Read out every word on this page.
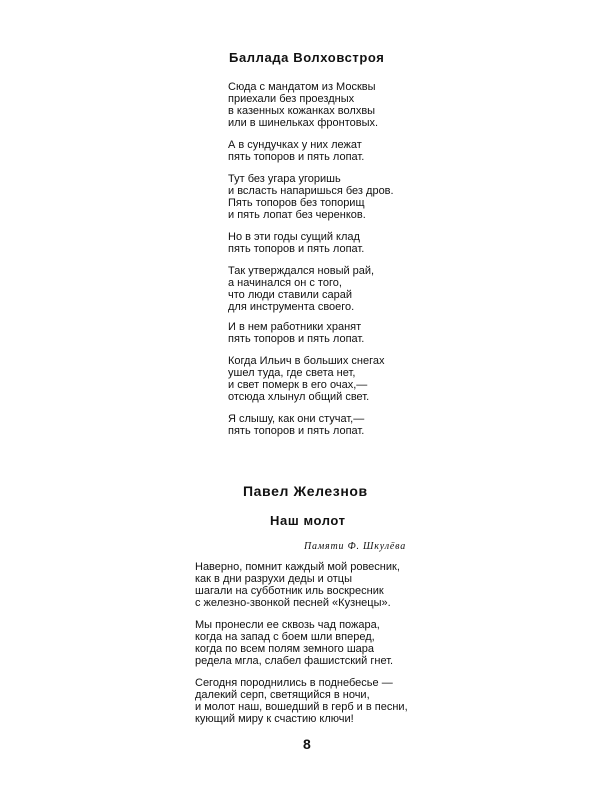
Баллада Волховстроя
Сюда с мандатом из Москвы
приехали без проездных
в казенных кожанках волхвы
или в шинельках фронтовых.
А в сундучках у них лежат
пять топоров и пять лопат.
Тут без угара угоришь
и всласть напаришься без дров.
Пять топоров без топорищ
и пять лопат без черенков.
Но в эти годы сущий клад
пять топоров и пять лопат.
Так утверждался новый рай,
а начинался он с того,
что люди ставили сарай
для инструмента своего.
И в нем работники хранят
пять топоров и пять лопат.
Когда Ильич в больших снегах
ушел туда, где света нет,
и свет померк в его очах,—
отсюда хлынул общий свет.
Я слышу, как они стучат,—
пять топоров и пять лопат.
Павел Железнов
Наш молот
Памяти Ф. Шкулёва
Наверно, помнит каждый мой ровесник,
как в дни разрухи деды и отцы
шагали на субботник иль воскресник
с железно-звонкой песней «Кузнецы».
Мы пронесли ее сквозь чад пожара,
когда на запад с боем шли вперед,
когда по всем полям земного шара
редела мгла, слабел фашистский гнет.
Сегодня породнились в поднебесье —
далекий серп, светящийся в ночи,
и молот наш, вошедший в герб и в песни,
кующий миру к счастию ключи!
8
